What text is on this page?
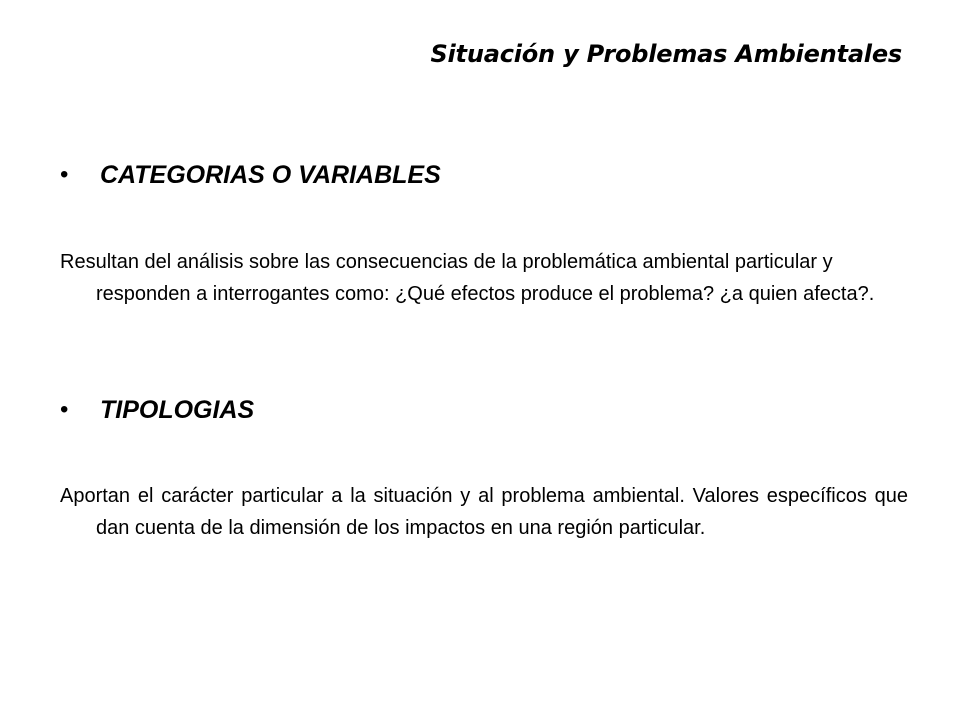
Situación y Problemas Ambientales
•	CATEGORIAS O VARIABLES

Resultan del análisis sobre las consecuencias de la problemática ambiental particular y responden a interrogantes como: ¿Qué efectos produce el problema? ¿a quien afecta?.

•	TIPOLOGIAS

Aportan el carácter particular a la situación y al problema ambiental. Valores específicos que dan cuenta de la dimensión de los impactos en una región particular.
